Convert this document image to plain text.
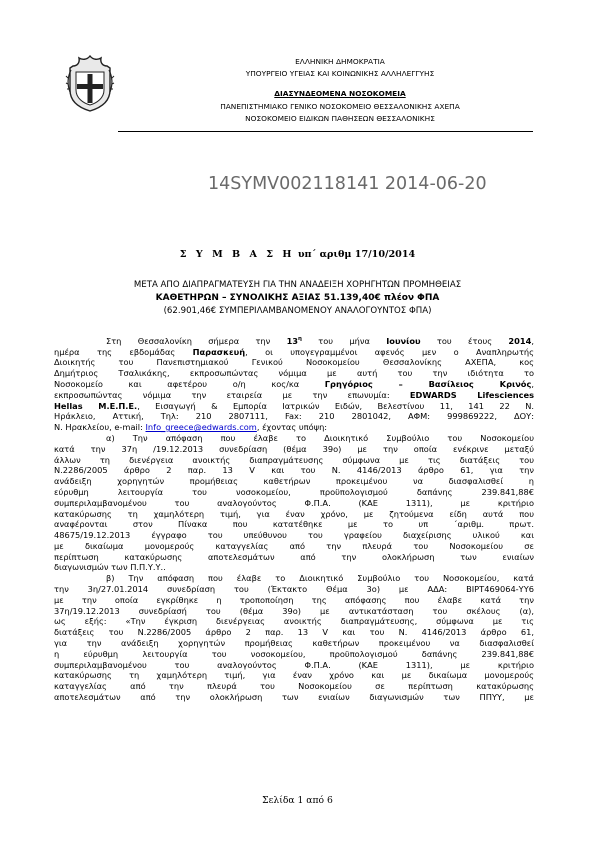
ΕΛΛΗΝΙΚΗ ΔΗΜΟΚΡΑΤΙΑ
ΥΠΟΥΡΓΕΙΟ ΥΓΕΙΑΣ ΚΑΙ ΚΟΙΝΩΝΙΚΗΣ ΑΛΛΗΛΕΓΓΥΗΣ
ΔΙΑΣΥΝΔΕΟΜΕΝΑ ΝΟΣΟΚΟΜΕΙΑ
ΠΑΝΕΠΙΣΤΗΜΙΑΚΟ ΓΕΝΙΚΟ ΝΟΣΟΚΟΜΕΙΟ ΘΕΣΣΑΛΟΝΙΚΗΣ ΑΧΕΠΑ
ΝΟΣΟΚΟΜΕΙΟ ΕΙΔΙΚΩΝ ΠΑΘΗΣΕΩΝ ΘΕΣΣΑΛΟΝΙΚΗΣ
14SYMV002118141 2014-06-20
Σ Υ Μ Β Α Σ Η υπ΄ αριθμ 17/10/2014
ΜΕΤΑ ΑΠΟ ΔΙΑΠΡΑΓΜΑΤΕΥΣΗ ΓΙΑ ΤΗΝ ΑΝΑΔΕΙΞΗ ΧΟΡΗΓΗΤΩΝ ΠΡΟΜΗΘΕΙΑΣ
ΚΑΘΕΤΗΡΩΝ – ΣΥΝΟΛΙΚΗΣ ΑΞΙΑΣ 51.139,40€ πλέον ΦΠΑ
(62.901,46€ ΣΥΜΠΕΡΙΛΑΜΒΑΝΟΜΕΝΟΥ ΑΝΑΛΟΓΟΥΝΤΟΣ ΦΠΑ)

Στη Θεσσαλονίκη σήμερα την $13^\eta$ του μήνα Ιουνίου του έτους 2014,

ημέρα της εβδομάδας Παρασκευή, οι υπογεγραμμένοι αφενός μεν ο Αναπληρωτής

Διοικητής του Πανεπιστημιακού Γενικού Νοσοκομείου Θεσσαλονίκης ΑΧΕΠΑ, κος

Δημήτριος Τσαλικάκης, εκπροσωπώντας νόμιμα με αυτή του την ιδιότητα το

Νοσοκομείο και αφετέρου ο/η κος/κα Γρηγόριος – Βασίλειος Κρινός,

εκπροσωπώντας νόμιμα την εταιρεία με την επωνυμία: EDWARDS Lifesciences

Hellas Μ.Ε.Π.Ε., Εισαγωγή & Εμπορία Ιατρικών Ειδών, Βελεστίνου 11, 141 22 Ν.

Ηράκλειο, Αττική, Τηλ: 210 2807111, Fax: 210 2801042, ΑΦΜ: 999869222, ΔΟΥ:

Ν. Ηρακλείου, e-mail: Info_greece@edwards.com, έχοντας υπόψη:

α) Την απόφαση που έλαβε το Διοικητικό Συμβούλιο του Νοσοκομείου

κατά την 37η /19.12.2013 συνεδρίαση (θέμα 39ο) με την οποία ενέκρινε μεταξύ

άλλων τη διενέργεια ανοικτής διαπραγμάτευσης σύμφωνα με τις διατάξεις του

Ν.2286/2005 άρθρο 2 παρ. 13 V και του Ν. 4146/2013 άρθρο 61, για την

ανάδειξη χορηγητών προμήθειας καθετήρων προκειμένου να διασφαλισθεί η

εύρυθμη λειτουργία του νοσοκομείου, προϋπολογισμού δαπάνης 239.841,88€

συμπεριλαμβανομένου του αναλογούντος Φ.Π.Α. (ΚΑΕ 1311), με κριτήριο

κατακύρωσης τη χαμηλότερη τιμή, για έναν χρόνο, με ζητούμενα είδη αυτά που

αναφέρονται στον Πίνακα που κατατέθηκε με το υπ ΄αριθμ. πρωτ.

48675/19.12.2013 έγγραφο του υπεύθυνου του γραφείου διαχείρισης υλικού και

με δικαίωμα μονομερούς καταγγελίας από την πλευρά του Νοσοκομείου σε

περίπτωση κατακύρωσης αποτελεσμάτων από την ολοκλήρωση των ενιαίων

διαγωνισμών των Π.Π.Υ.Υ..

β) Την απόφαση που έλαβε το Διοικητικό Συμβούλιο του Νοσοκομείου, κατά

την 3η/27.01.2014 συνεδρίαση του (Έκτακτο Θέμα 3ο) με ΑΔΑ: ΒΙΡΤ469064-ΥΥ6

με την οποία εγκρίθηκε η τροποποίηση της απόφασης που έλαβε κατά την

37η/19.12.2013 συνεδρίασή του (θέμα 39ο) με αντικατάσταση του σκέλους (α),

ως εξής: «Την έγκριση διενέργειας ανοικτής διαπραγμάτευσης, σύμφωνα με τις

διατάξεις του Ν.2286/2005 άρθρο 2 παρ. 13 V και του Ν. 4146/2013 άρθρο 61,

για την ανάδειξη χορηγητών προμήθειας καθετήρων προκειμένου να διασφαλισθεί

η εύρυθμη λειτουργία του νοσοκομείου, προϋπολογισμού δαπάνης 239.841,88€

συμπεριλαμβανομένου του αναλογούντος Φ.Π.Α. (ΚΑΕ 1311), με κριτήριο

κατακύρωσης τη χαμηλότερη τιμή, για έναν χρόνο και με δικαίωμα μονομερούς

καταγγελίας από την πλευρά του Νοσοκομείου σε περίπτωση κατακύρωσης

αποτελεσμάτων από την ολοκλήρωση των ενιαίων διαγωνισμών των ΠΠΥΥ, με

Σελίδα 1 από 6
